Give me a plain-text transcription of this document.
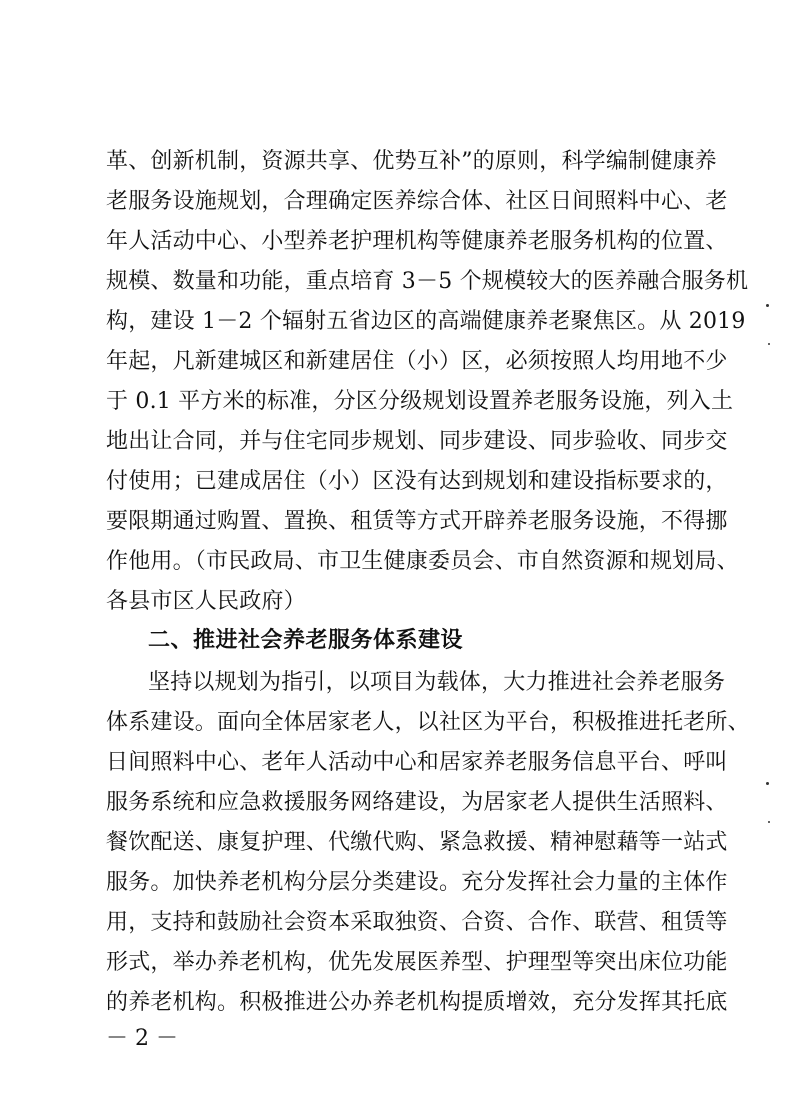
革、创新机制，资源共享、优势互补”的原则，科学编制健康养
老服务设施规划，合理确定医养综合体、社区日间照料中心、老
年人活动中心、小型养老护理机构等健康养老服务机构的位置、
规模、数量和功能，重点培育 3－5 个规模较大的医养融合服务机
构，建设 1－2 个辐射五省边区的高端健康养老聚焦区。从 2019
年起，凡新建城区和新建居住（小）区，必须按照人均用地不少
于 0.1 平方米的标准，分区分级规划设置养老服务设施，列入土
地出让合同，并与住宅同步规划、同步建设、同步验收、同步交
付使用；已建成居住（小）区没有达到规划和建设指标要求的，
要限期通过购置、置换、租赁等方式开辟养老服务设施，不得挪
作他用。（市民政局、市卫生健康委员会、市自然资源和规划局、
各县市区人民政府）
二、推进社会养老服务体系建设
坚持以规划为指引，以项目为载体，大力推进社会养老服务
体系建设。面向全体居家老人，以社区为平台，积极推进托老所、
日间照料中心、老年人活动中心和居家养老服务信息平台、呼叫
服务系统和应急救援服务网络建设，为居家老人提供生活照料、
餐饮配送、康复护理、代缴代购、紧急救援、精神慰藉等一站式
服务。加快养老机构分层分类建设。充分发挥社会力量的主体作
用，支持和鼓励社会资本采取独资、合资、合作、联营、租赁等
形式，举办养老机构，优先发展医养型、护理型等突出床位功能
的养老机构。积极推进公办养老机构提质增效，充分发挥其托底
－ 2 －
